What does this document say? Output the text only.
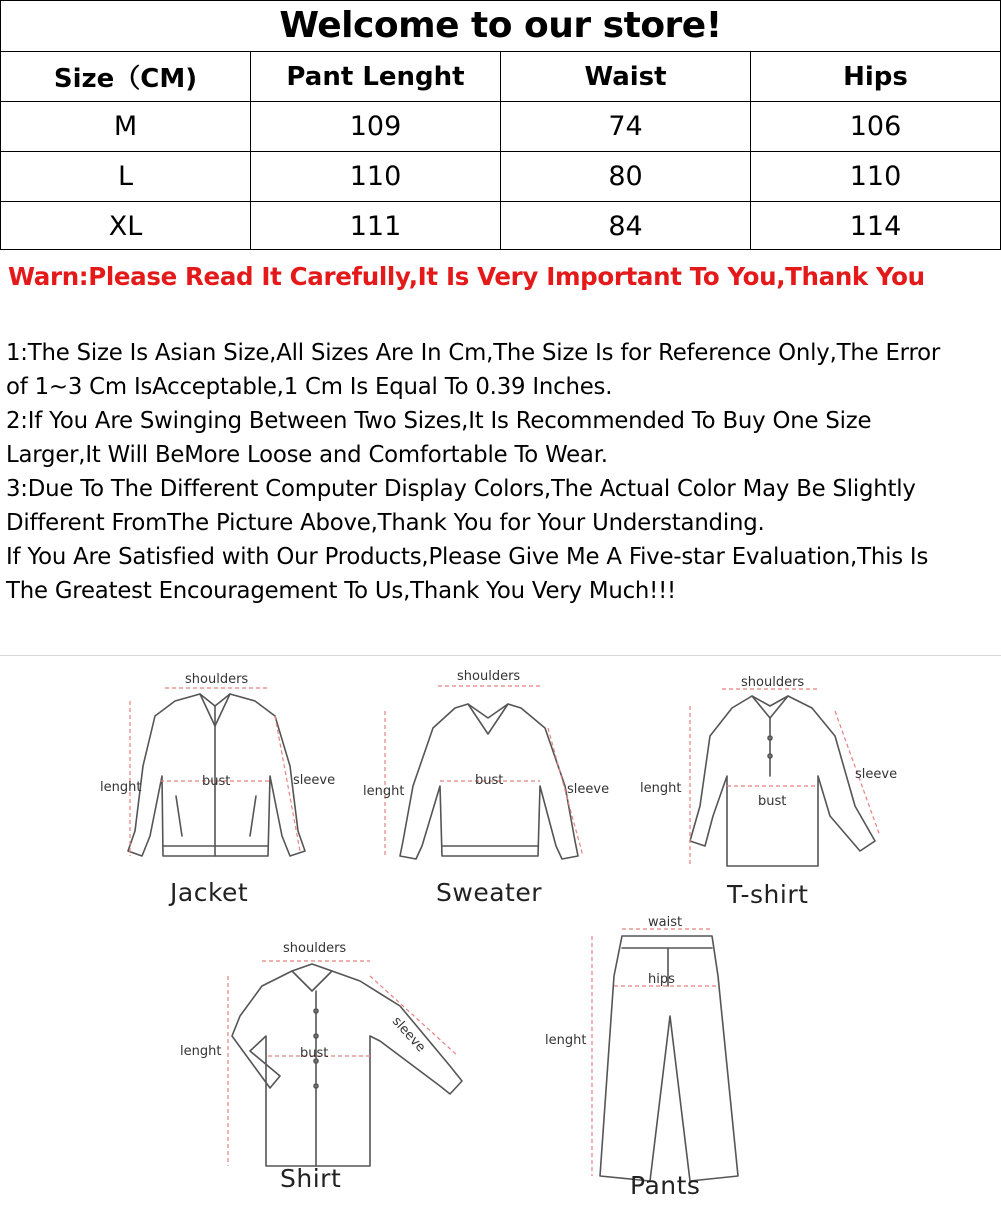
Welcome to our store!
Size（CM)	Pant Lenght	Waist	Hips
M	109	74	106
L	110	80	110
XL	111	84	114
Warn:Please Read It Carefully,It Is Very Important To You,Thank You
1:The Size Is Asian Size,All Sizes Are In Cm,The Size Is for Reference Only,The Error
of 1~3 Cm IsAcceptable,1 Cm Is Equal To 0.39 Inches.
2:If You Are Swinging Between Two Sizes,It Is Recommended To Buy One Size
Larger,It Will BeMore Loose and Comfortable To Wear.
3:Due To The Different Computer Display Colors,The Actual Color May Be Slightly
Different FromThe Picture Above,Thank You for Your Understanding.
If You Are Satisfied with Our Products,Please Give Me A Five-star Evaluation,This Is
The Greatest Encouragement To Us,Thank You Very Much!!!
shoulders
lenght	bust	sleeve
Jacket
shoulders
lenght
bust
sleeve
Sweater
shoulders
lenght
bust
sleeve
T-shirt
shoulders
lenght	bust	sleeve
Shirt
waist
hips
lenght
Pants
